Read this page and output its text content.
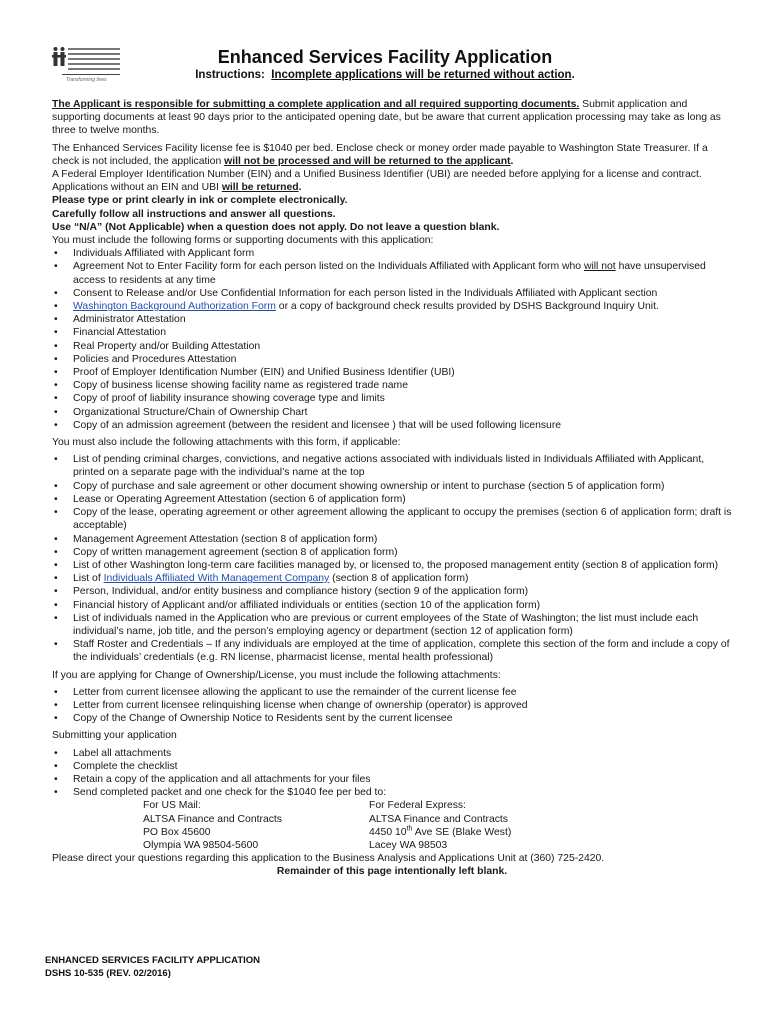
Transforming lives
Enhanced Services Facility Application
Instructions: Incomplete applications will be returned without action.

The Applicant is responsible for submitting a complete application and all required supporting documents. Submit application and supporting documents at least 90 days prior to the anticipated opening date, but be aware that current application processing may take as long as three to twelve months.

The Enhanced Services Facility license fee is $1040 per bed. Enclose check or money order made payable to Washington State Treasurer. If a check is not included, the application will not be processed and will be returned to the applicant.

A Federal Employer Identification Number (EIN) and a Unified Business Identifier (UBI) are needed before applying for a license and contract. Applications without an EIN and UBI will be returned.

Please type or print clearly in ink or complete electronically.

Carefully follow all instructions and answer all questions.

Use “N/A” (Not Applicable) when a question does not apply. Do not leave a question blank.

You must include the following forms or supporting documents with this application:

• Individuals Affiliated with Applicant form
• Agreement Not to Enter Facility form for each person listed on the Individuals Affiliated with Applicant form who will not have unsupervised access to residents at any time
• Consent to Release and/or Use Confidential Information for each person listed in the Individuals Affiliated with Applicant section
• Washington Background Authorization Form or a copy of background check results provided by DSHS Background Inquiry Unit.
• Administrator Attestation
• Financial Attestation
• Real Property and/or Building Attestation
• Policies and Procedures Attestation
• Proof of Employer Identification Number (EIN) and Unified Business Identifier (UBI)
• Copy of business license showing facility name as registered trade name
• Copy of proof of liability insurance showing coverage type and limits
• Organizational Structure/Chain of Ownership Chart
• Copy of an admission agreement (between the resident and licensee ) that will be used following licensure

You must also include the following attachments with this form, if applicable:

• List of pending criminal charges, convictions, and negative actions associated with individuals listed in Individuals Affiliated with Applicant, printed on a separate page with the individual’s name at the top
• Copy of purchase and sale agreement or other document showing ownership or intent to purchase (section 5 of application form)
• Lease or Operating Agreement Attestation (section 6 of application form)
• Copy of the lease, operating agreement or other agreement allowing the applicant to occupy the premises (section 6 of application form; draft is acceptable)
• Management Agreement Attestation (section 8 of application form)
• Copy of written management agreement (section 8 of application form)
• List of other Washington long-term care facilities managed by, or licensed to, the proposed management entity (section 8 of application form)
• List of Individuals Affiliated With Management Company (section 8 of application form)
• Person, Individual, and/or entity business and compliance history (section 9 of the application form)
• Financial history of Applicant and/or affiliated individuals or entities (section 10 of the application form)
• List of individuals named in the Application who are previous or current employees of the State of Washington; the list must include each individual’s name, job title, and the person’s employing agency or department (section 12 of application form)
• Staff Roster and Credentials – If any individuals are employed at the time of application, complete this section of the form and include a copy of the individuals’ credentials (e.g. RN license, pharmacist license, mental health professional)

If you are applying for Change of Ownership/License, you must include the following attachments:

• Letter from current licensee allowing the applicant to use the remainder of the current license fee
• Letter from current licensee relinquishing license when change of ownership (operator) is approved
• Copy of the Change of Ownership Notice to Residents sent by the current licensee

Submitting your application

• Label all attachments
• Complete the checklist
• Retain a copy of the application and all attachments for your files
• Send completed packet and one check for the $1040 fee per bed to:
For US Mail:
ALTSA Finance and Contracts
PO Box 45600
Olympia WA 98504-5600
For Federal Express:
ALTSA Finance and Contracts
4450 10th Ave SE (Blake West)
Lacey WA 98503

Please direct your questions regarding this application to the Business Analysis and Applications Unit at (360) 725-2420.

Remainder of this page intentionally left blank.

ENHANCED SERVICES FACILITY APPLICATION
DSHS 10-535 (REV. 02/2016)
